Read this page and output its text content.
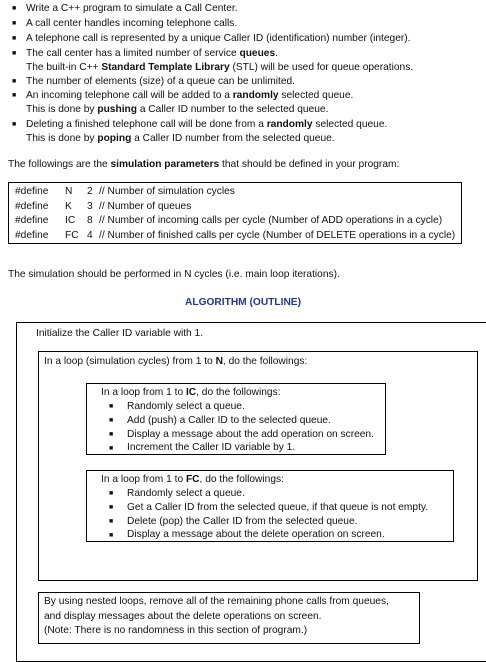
■ Write a C++ program to simulate a Call Center.
■ A call center handles incoming telephone calls.
■ A telephone call is represented by a unique Caller ID (identification) number (integer).
■ The call center has a limited number of service queues.
The built-in C++ Standard Template Library (STL) will be used for queue operations.
■ The number of elements (size) of a queue can be unlimited.
■ An incoming telephone call will be added to a randomly selected queue.
This is done by pushing a Caller ID number to the selected queue.
■ Deleting a finished telephone call will be done from a randomly selected queue.
This is done by poping a Caller ID number from the selected queue.
The followings are the simulation parameters that should be defined in your program:
#define N 2 // Number of simulation cycles
#define K 3 // Number of queues
#define IC 8 // Number of incoming calls per cycle (Number of ADD operations in a cycle)
#define FC 4 // Number of finished calls per cycle (Number of DELETE operations in a cycle)
The simulation should be performed in N cycles (i.e. main loop iterations).
ALGORITHM (OUTLINE)
Initialize the Caller ID variable with 1.
In a loop (simulation cycles) from 1 to N, do the followings:
In a loop from 1 to IC, do the followings:
■ Randomly select a queue.
■ Add (push) a Caller ID to the selected queue.
■ Display a message about the add operation on screen.
■ Increment the Caller ID variable by 1.
In a loop from 1 to FC, do the followings:
■ Randomly select a queue.
■ Get a Caller ID from the selected queue, if that queue is not empty.
■ Delete (pop) the Caller ID from the selected queue.
■ Display a message about the delete operation on screen.
By using nested loops, remove all of the remaining phone calls from queues,
and display messages about the delete operations on screen.
(Note: There is no randomness in this section of program.)
